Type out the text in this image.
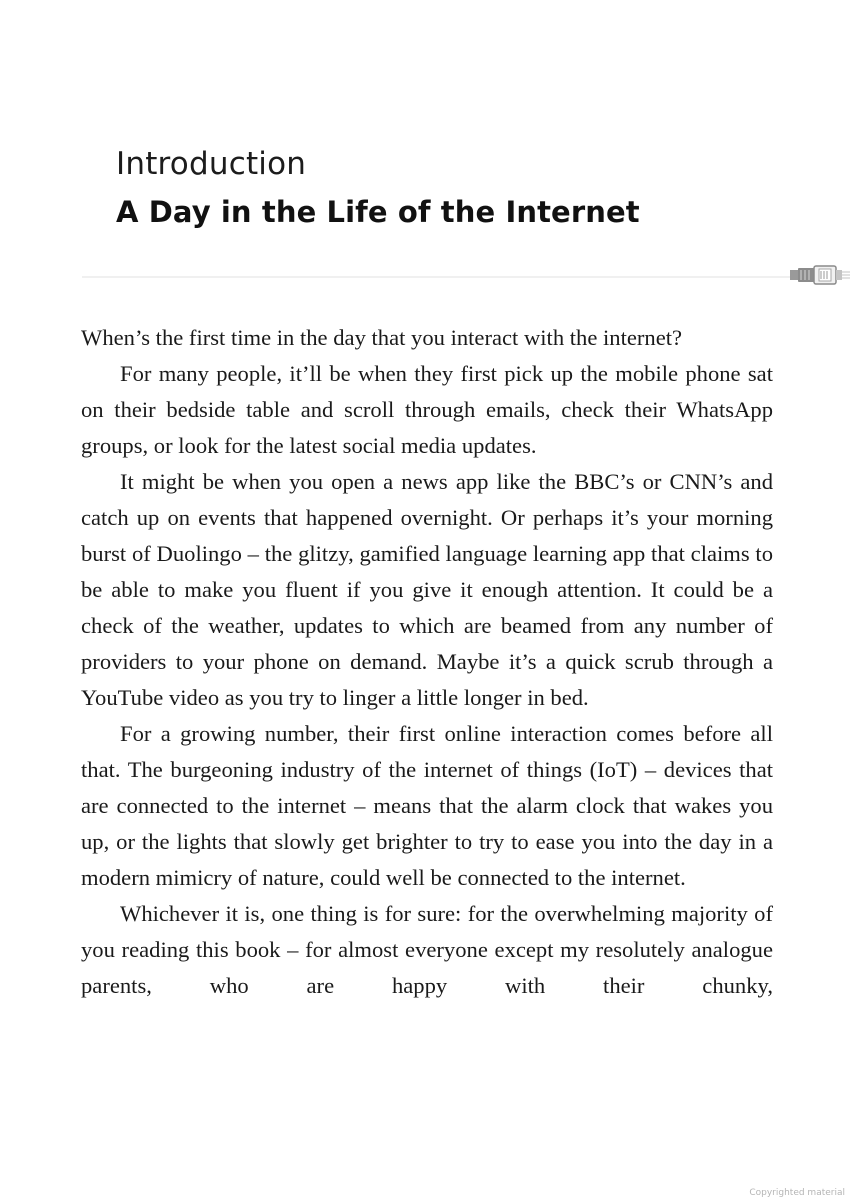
Introduction
A Day in the Life of the Internet

When’s the first time in the day that you interact with the internet?

For many people, it’ll be when they first pick up the mobile phone sat on their bedside table and scroll through emails, check their WhatsApp groups, or look for the latest social media updates.

It might be when you open a news app like the BBC’s or CNN’s and catch up on events that happened overnight. Or perhaps it’s your morning burst of Duolingo – the glitzy, gamified language learning app that claims to be able to make you fluent if you give it enough attention. It could be a check of the weather, updates to which are beamed from any number of providers to your phone on demand. Maybe it’s a quick scrub through a YouTube video as you try to linger a little longer in bed.

For a growing number, their first online interaction comes before all that. The burgeoning industry of the internet of things (IoT) – devices that are connected to the internet – means that the alarm clock that wakes you up, or the lights that slowly get brighter to try to ease you into the day in a modern mimicry of nature, could well be connected to the internet.

Whichever it is, one thing is for sure: for the overwhelming majority of you reading this book – for almost everyone except my resolutely analogue parents, who are happy with their chunky,

Copyrighted material
